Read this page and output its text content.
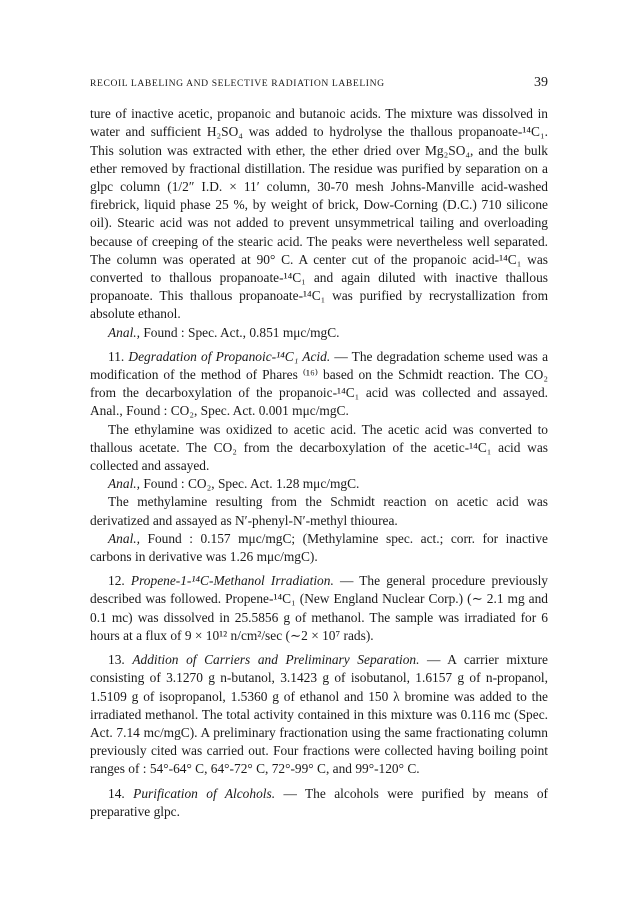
RECOIL LABELING AND SELECTIVE RADIATION LABELING	39

ture of inactive acetic, propanoic and butanoic acids. The mixture was dissolved in water and sufficient H₂SO₄ was added to hydrolyse the thallous propanoate-¹⁴C₁. This solution was extracted with ether, the ether dried over Mg₂SO₄, and the bulk ether removed by fractional distillation. The residue was purified by separation on a glpc column (1/2″ I.D. × 11′ column, 30-70 mesh Johns-Manville acid-washed firebrick, liquid phase 25 %, by weight of brick, Dow-Corning (D.C.) 710 silicone oil). Stearic acid was not added to prevent unsymmetrical tailing and overloading because of creeping of the stearic acid. The peaks were nevertheless well separated. The column was operated at 90° C. A center cut of the propanoic acid-¹⁴C₁ was converted to thallous propanoate-¹⁴C₁ and again diluted with inactive thallous propanoate. This thallous propanoate-¹⁴C₁ was purified by recrystallization from absolute ethanol.

Anal., Found : Spec. Act., 0.851 mμc/mgC.

11. Degradation of Propanoic-¹⁴C₁ Acid. — The degradation scheme used was a modification of the method of Phares ⁽¹⁶⁾ based on the Schmidt reaction. The CO₂ from the decarboxylation of the propanoic-¹⁴C₁ acid was collected and assayed. Anal., Found : CO₂, Spec. Act. 0.001 mμc/mgC.

The ethylamine was oxidized to acetic acid. The acetic acid was converted to thallous acetate. The CO₂ from the decarboxylation of the acetic-¹⁴C₁ acid was collected and assayed.

Anal., Found : CO₂, Spec. Act. 1.28 mμc/mgC.

The methylamine resulting from the Schmidt reaction on acetic acid was derivatized and assayed as N′-phenyl-N′-methyl thiourea.

Anal., Found : 0.157 mμc/mgC; (Methylamine spec. act.; corr. for inactive carbons in derivative was 1.26 mμc/mgC).

12. Propene-1-¹⁴C-Methanol Irradiation. — The general procedure previously described was followed. Propene-¹⁴C₁ (New England Nuclear Corp.) (∼ 2.1 mg and 0.1 mc) was dissolved in 25.5856 g of methanol. The sample was irradiated for 6 hours at a flux of 9 × 10¹² n/cm²/sec (∼2 × 10⁷ rads).

13. Addition of Carriers and Preliminary Separation. — A carrier mixture consisting of 3.1270 g n-butanol, 3.1423 g of isobutanol, 1.6157 g of n-propanol, 1.5109 g of isopropanol, 1.5360 g of ethanol and 150 λ bromine was added to the irradiated methanol. The total activity contained in this mixture was 0.116 mc (Spec. Act. 7.14 mc/mgC). A preliminary fractionation using the same fractionating column previously cited was carried out. Four fractions were collected having boiling point ranges of : 54°-64° C, 64°-72° C, 72°-99° C, and 99°-120° C.

14. Purification of Alcohols. — The alcohols were purified by means of preparative glpc.
